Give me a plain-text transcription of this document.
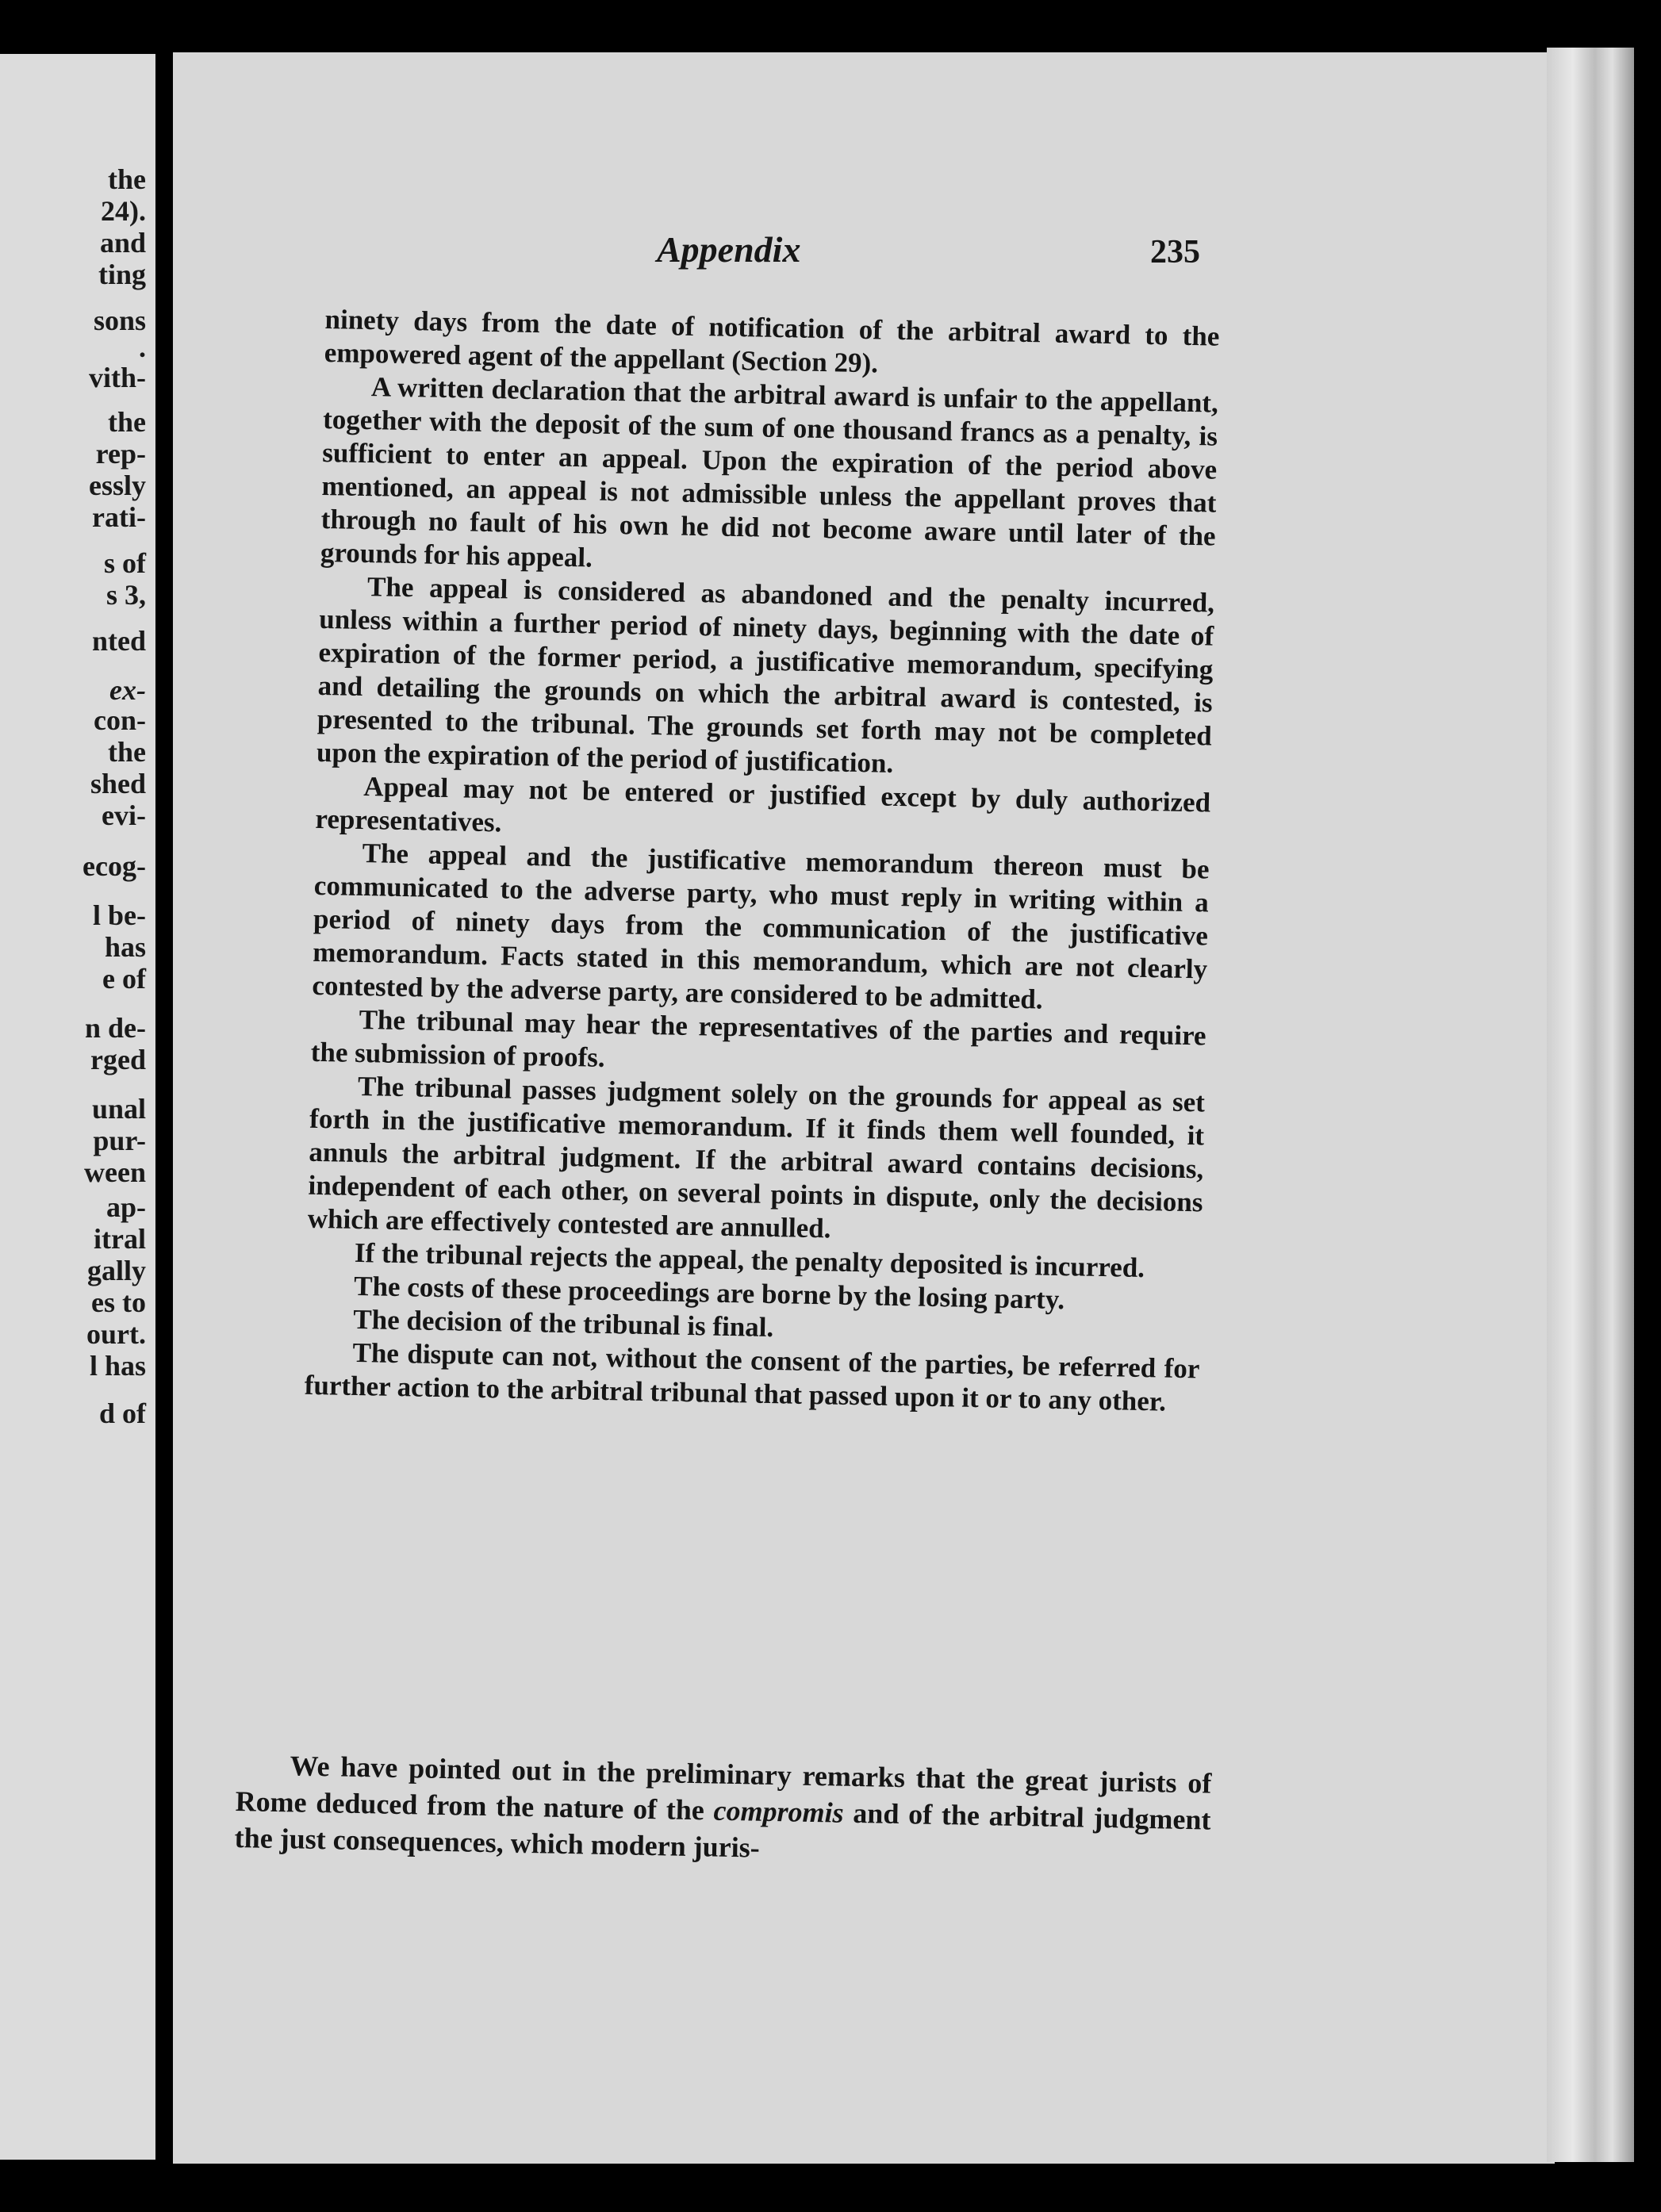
the
24).
and
ting
sons
.
vith-
the
rep-
essly
rati-
s of
s 3,
nted
ex-
con-
the
shed
evi-
ecog-
l be-
has
e of
n de-
rged
unal
pur-
ween
ap-
itral
gally
es to
ourt.
l has
d of
Appendix	235

ninety days from the date of notification of the arbitral award to the empowered agent of the appellant (Section 29).

A written declaration that the arbitral award is unfair to the appellant, together with the deposit of the sum of one thousand francs as a penalty, is sufficient to enter an appeal. Upon the expiration of the period above mentioned, an appeal is not admissible unless the appellant proves that through no fault of his own he did not become aware until later of the grounds for his appeal.

The appeal is considered as abandoned and the penalty incurred, unless within a further period of ninety days, beginning with the date of expiration of the former period, a justificative memorandum, specifying and detailing the grounds on which the arbitral award is contested, is presented to the tribunal. The grounds set forth may not be completed upon the expiration of the period of justification.

Appeal may not be entered or justified except by duly authorized representatives.

The appeal and the justificative memorandum thereon must be communicated to the adverse party, who must reply in writing within a period of ninety days from the communication of the justificative memorandum. Facts stated in this memorandum, which are not clearly contested by the adverse party, are considered to be admitted.

The tribunal may hear the representatives of the parties and require the submission of proofs.

The tribunal passes judgment solely on the grounds for appeal as set forth in the justificative memorandum. If it finds them well founded, it annuls the arbitral judgment. If the arbitral award contains decisions, independent of each other, on several points in dispute, only the decisions which are effectively contested are annulled.

If the tribunal rejects the appeal, the penalty deposited is incurred.

The costs of these proceedings are borne by the losing party.

The decision of the tribunal is final.

The dispute can not, without the consent of the parties, be referred for further action to the arbitral tribunal that passed upon it or to any other.

We have pointed out in the preliminary remarks that the great jurists of Rome deduced from the nature of the compromis and of the arbitral judgment the just consequences, which modern juris-
